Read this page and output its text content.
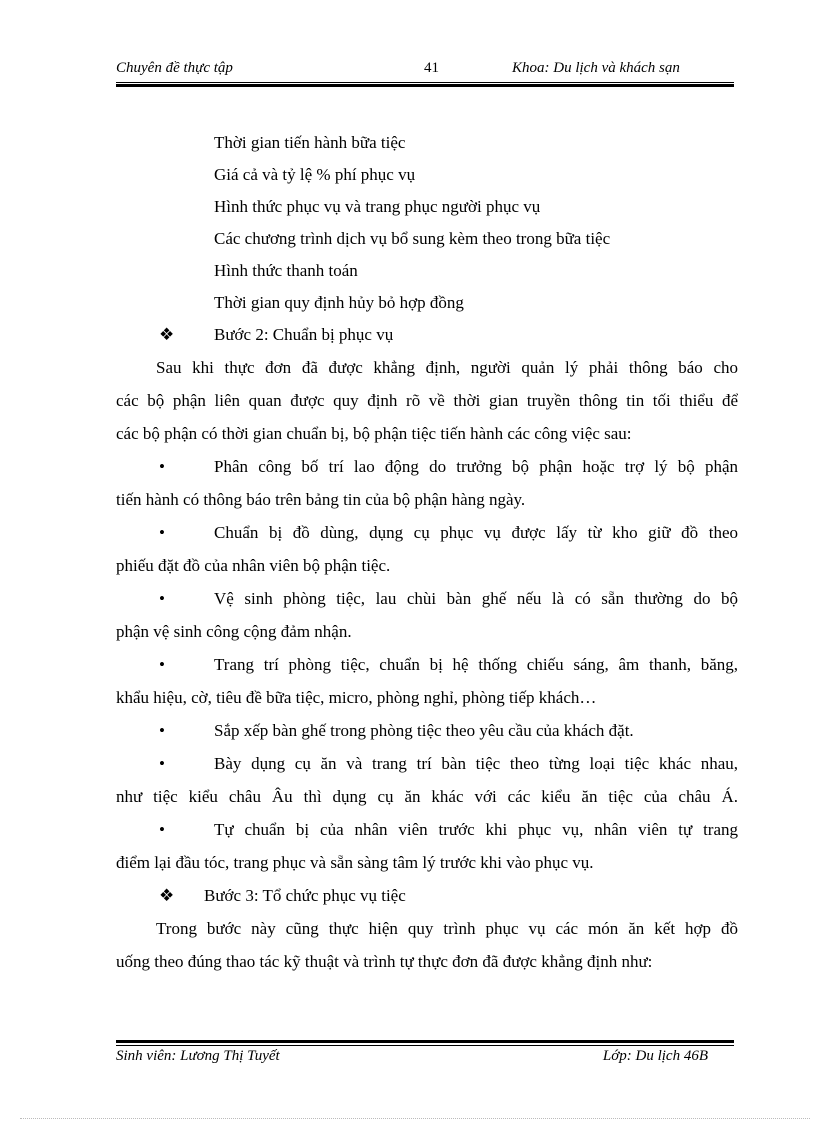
Chuyên đề thực tập	41	Khoa: Du lịch và khách sạn
Thời gian tiến hành bữa tiệc
Giá cả và tỷ lệ % phí phục vụ
Hình thức phục vụ và trang phục người phục vụ
Các chương trình dịch vụ bổ sung kèm theo trong bữa tiệc
Hình thức thanh toán
Thời gian quy định hủy bỏ hợp đồng
❖ Bước 2: Chuẩn bị phục vụ
Sau khi thực đơn đã được khẳng định, người quản lý phải thông báo cho
các bộ phận liên quan được quy định rõ về thời gian truyền thông tin tối thiểu để
các bộ phận có thời gian chuẩn bị, bộ phận tiệc tiến hành các công việc sau:
•	Phân công bố trí lao động do trưởng bộ phận hoặc trợ lý bộ phận
tiến hành có thông báo trên bảng tin của bộ phận hàng ngày.
•	Chuẩn bị đồ dùng, dụng cụ phục vụ được lấy từ kho giữ đồ theo
phiếu đặt đồ của nhân viên bộ phận tiệc.
•	Vệ sinh phòng tiệc, lau chùi bàn ghế nếu là có sẵn thường do bộ
phận vệ sinh công cộng đảm nhận.
•	Trang trí phòng tiệc, chuẩn bị hệ thống chiếu sáng, âm thanh, băng,
khẩu hiệu, cờ, tiêu đề bữa tiệc, micro, phòng nghỉ, phòng tiếp khách…
•	Sắp xếp bàn ghế trong phòng tiệc theo yêu cầu của khách đặt.
•	Bày dụng cụ ăn và trang trí bàn tiệc theo từng loại tiệc khác nhau,
như tiệc kiểu châu Âu thì dụng cụ ăn khác với các kiểu ăn tiệc của châu Á.
•	Tự chuẩn bị của nhân viên trước khi phục vụ, nhân viên tự trang
điểm lại đầu tóc, trang phục và sẵn sàng tâm lý trước khi vào phục vụ.
❖ Bước 3: Tổ chức phục vụ tiệc
Trong bước này cũng thực hiện quy trình phục vụ các món ăn kết hợp đồ
uống theo đúng thao tác kỹ thuật và trình tự thực đơn đã được khẳng định như:
Sinh viên: Lương Thị Tuyết	Lớp: Du lịch 46B
